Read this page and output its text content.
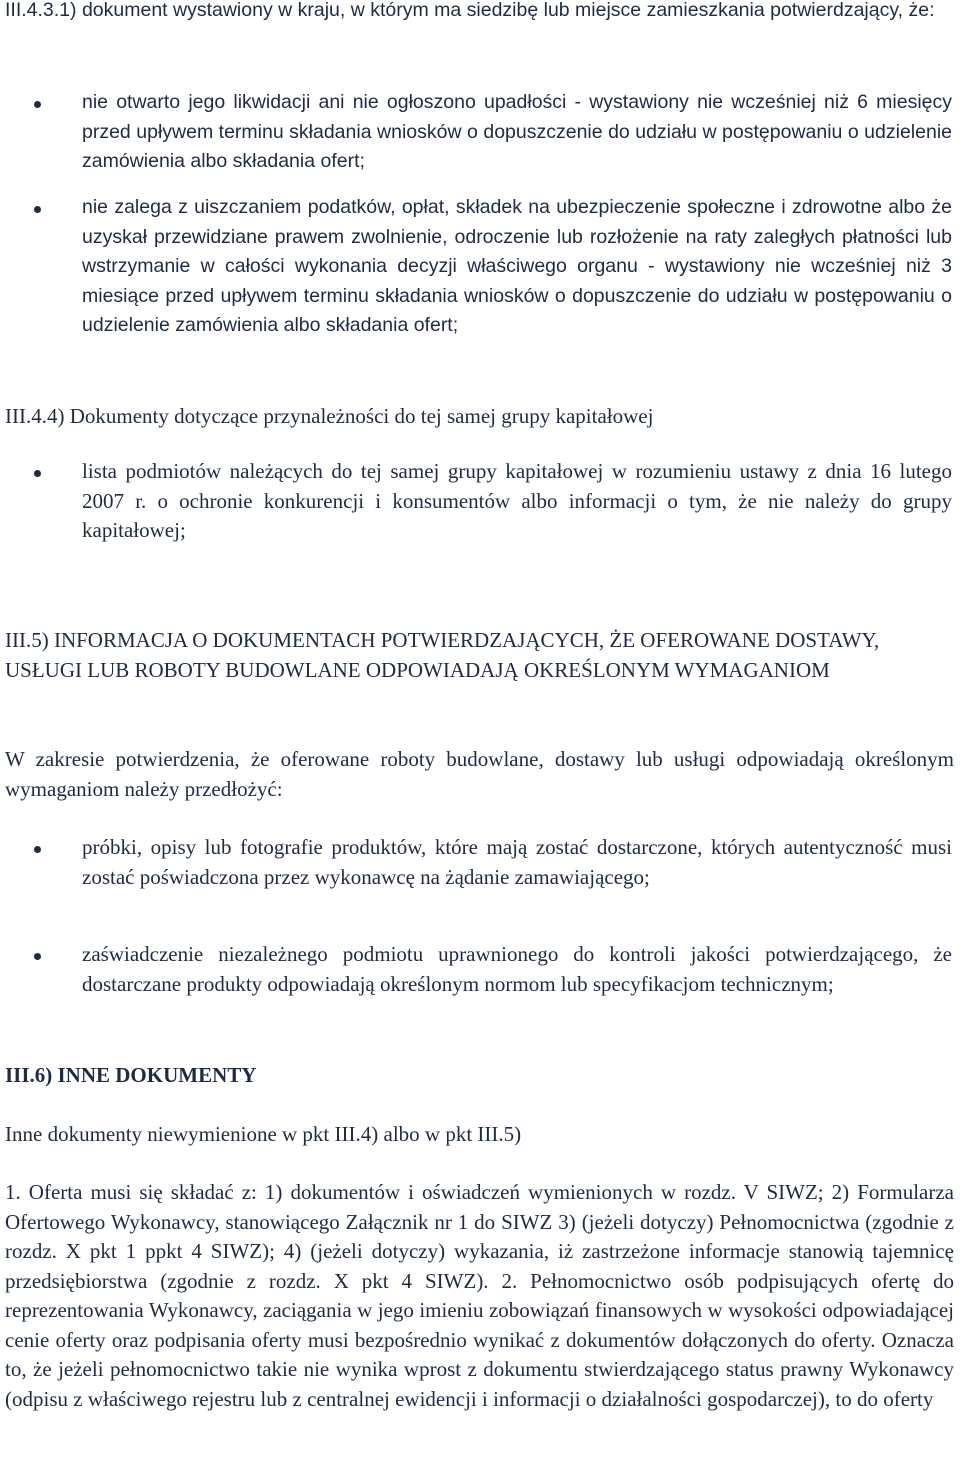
III.4.3.1) dokument wystawiony w kraju, w którym ma siedzibę lub miejsce zamieszkania potwierdzający, że:

nie otwarto jego likwidacji ani nie ogłoszono upadłości - wystawiony nie wcześniej niż 6 miesięcy przed upływem terminu składania wniosków o dopuszczenie do udziału w postępowaniu o udzielenie zamówienia albo składania ofert;

nie zalega z uiszczaniem podatków, opłat, składek na ubezpieczenie społeczne i zdrowotne albo że uzyskał przewidziane prawem zwolnienie, odroczenie lub rozłożenie na raty zaległych płatności lub wstrzymanie w całości wykonania decyzji właściwego organu - wystawiony nie wcześniej niż 3 miesiące przed upływem terminu składania wniosków o dopuszczenie do udziału w postępowaniu o udzielenie zamówienia albo składania ofert;

III.4.4) Dokumenty dotyczące przynależności do tej samej grupy kapitałowej

lista podmiotów należących do tej samej grupy kapitałowej w rozumieniu ustawy z dnia 16 lutego 2007 r. o ochronie konkurencji i konsumentów albo informacji o tym, że nie należy do grupy kapitałowej;

III.5) INFORMACJA O DOKUMENTACH POTWIERDZAJĄCYCH, ŻE OFEROWANE DOSTAWY, USŁUGI LUB ROBOTY BUDOWLANE ODPOWIADAJĄ OKREŚLONYM WYMAGANIOM

W zakresie potwierdzenia, że oferowane roboty budowlane, dostawy lub usługi odpowiadają określonym wymaganiom należy przedłożyć:

próbki, opisy lub fotografie produktów, które mają zostać dostarczone, których autentyczność musi zostać poświadczona przez wykonawcę na żądanie zamawiającego;

zaświadczenie niezależnego podmiotu uprawnionego do kontroli jakości potwierdzającego, że dostarczane produkty odpowiadają określonym normom lub specyfikacjom technicznym;

III.6) INNE DOKUMENTY

Inne dokumenty niewymienione w pkt III.4) albo w pkt III.5)

1. Oferta musi się składać z: 1) dokumentów i oświadczeń wymienionych w rozdz. V SIWZ; 2) Formularza Ofertowego Wykonawcy, stanowiącego Załącznik nr 1 do SIWZ 3) (jeżeli dotyczy) Pełnomocnictwa (zgodnie z rozdz. X pkt 1 ppkt 4 SIWZ); 4) (jeżeli dotyczy) wykazania, iż zastrzeżone informacje stanowią tajemnicę przedsiębiorstwa (zgodnie z rozdz. X pkt 4 SIWZ). 2. Pełnomocnictwo osób podpisujących ofertę do reprezentowania Wykonawcy, zaciągania w jego imieniu zobowiązań finansowych w wysokości odpowiadającej cenie oferty oraz podpisania oferty musi bezpośrednio wynikać z dokumentów dołączonych do oferty. Oznacza to, że jeżeli pełnomocnictwo takie nie wynika wprost z dokumentu stwierdzającego status prawny Wykonawcy (odpisu z właściwego rejestru lub z centralnej ewidencji i informacji o działalności gospodarczej), to do oferty
